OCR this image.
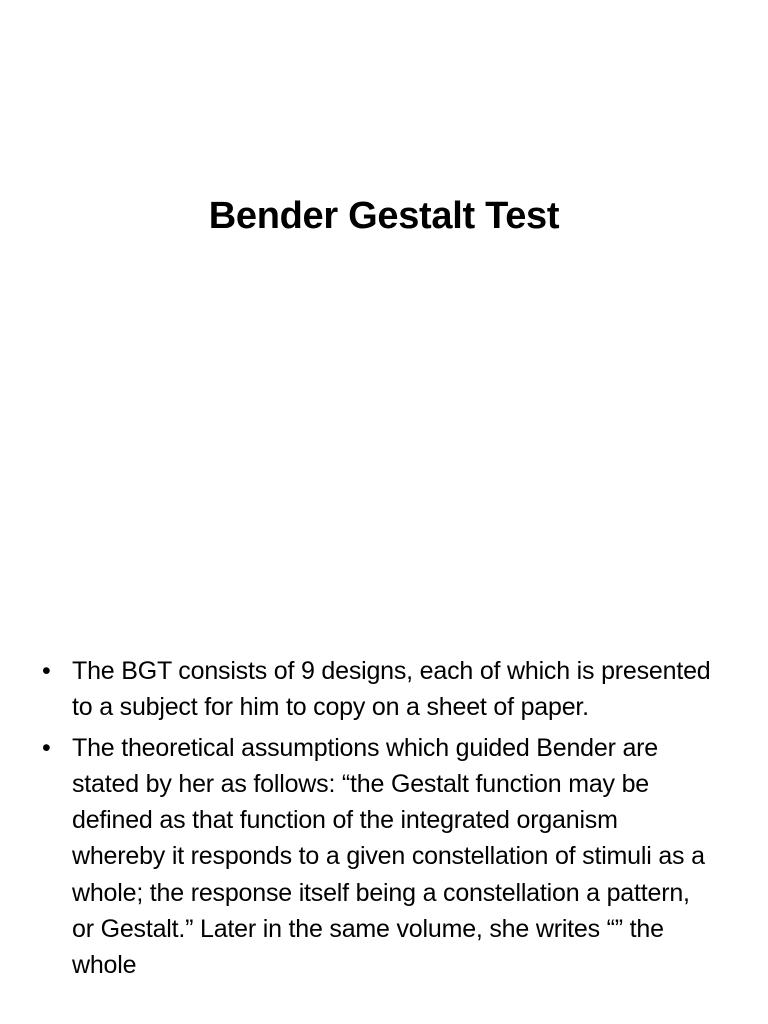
Bender Gestalt Test
• The BGT consists of 9 designs, each of which is presented to a subject for him to copy on a sheet of paper.
• The theoretical assumptions which guided Bender are stated by her as follows: “the Gestalt function may be defined as that function of the integrated organism whereby it responds to a given constellation of stimuli as a whole; the response itself being a constellation a pattern, or Gestalt.” Later in the same volume, she writes “” the whole
